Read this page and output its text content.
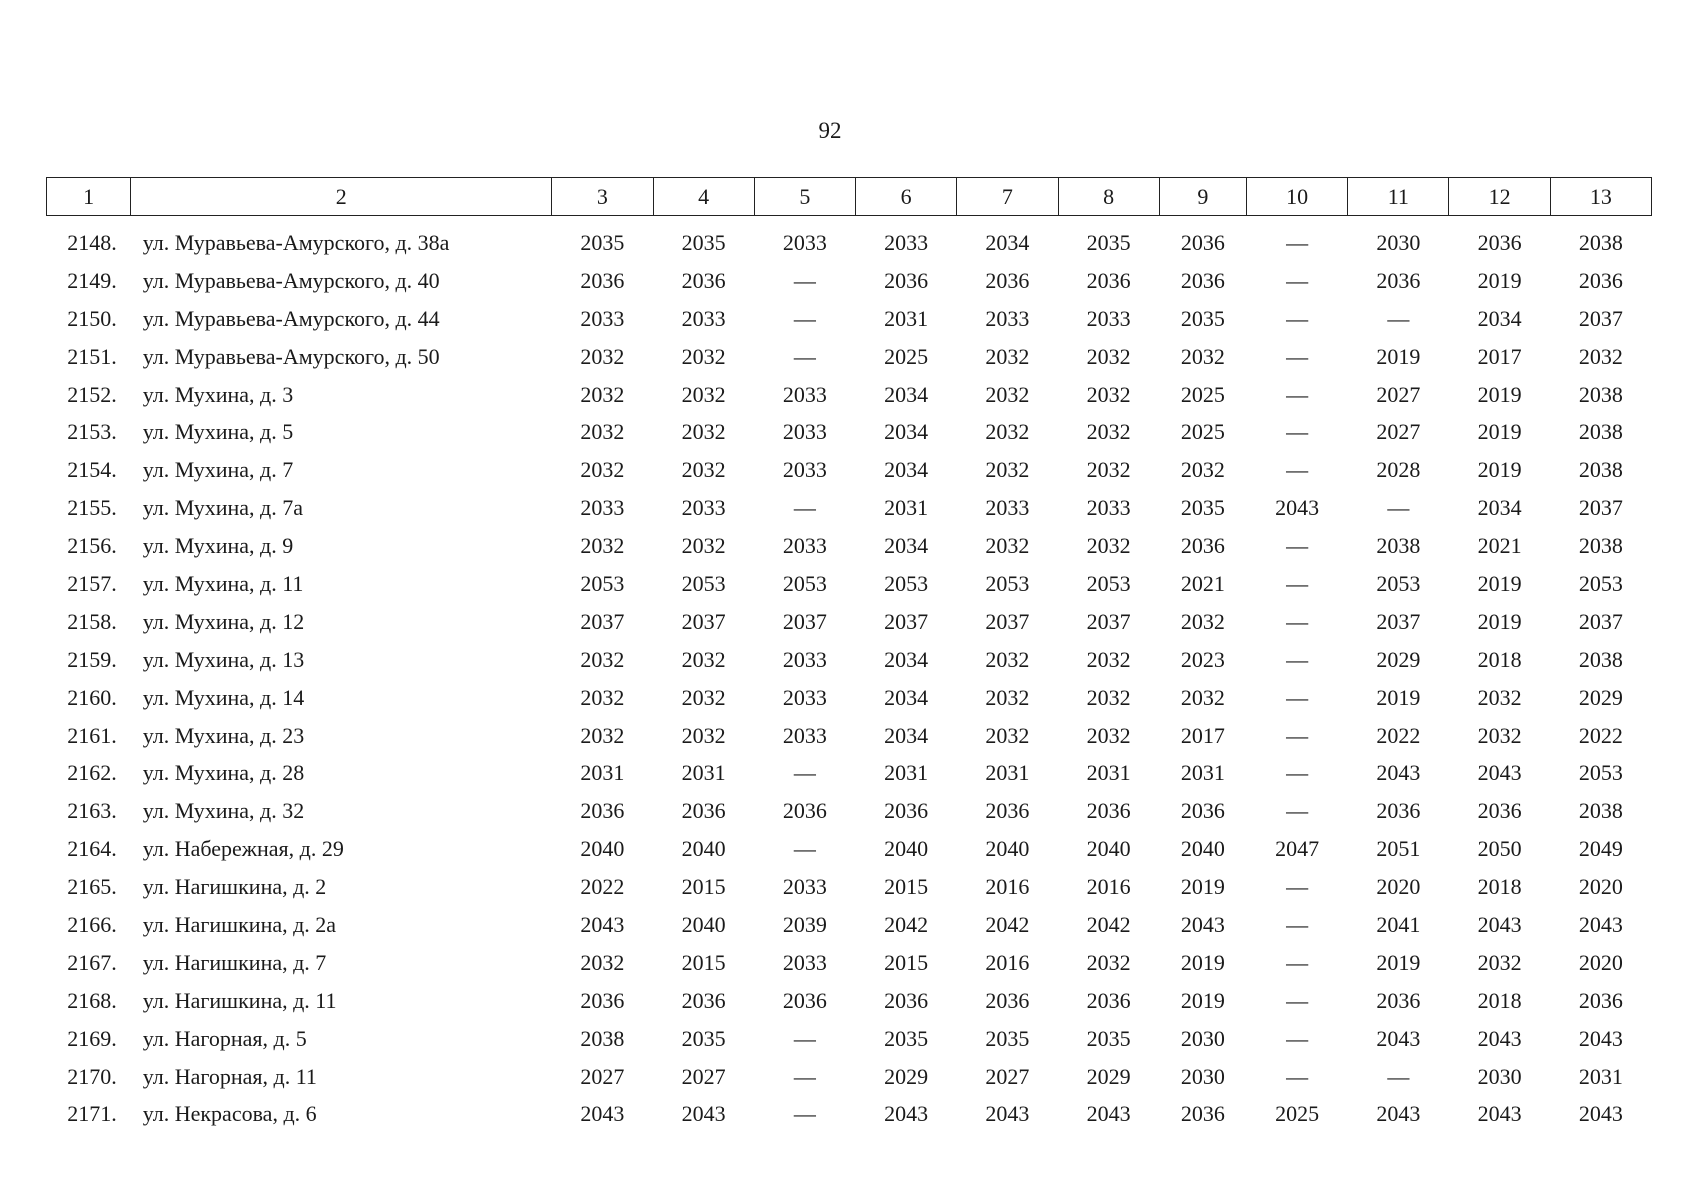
92
1	2	3	4	5	6	7	8	9	10	11	12	13
2148.	ул. Муравьева-Амурского, д. 38а	2035	2035	2033	2033	2034	2035	2036	—	2030	2036	2038
2149.	ул. Муравьева-Амурского, д. 40	2036	2036	—	2036	2036	2036	2036	—	2036	2019	2036
2150.	ул. Муравьева-Амурского, д. 44	2033	2033	—	2031	2033	2033	2035	—	—	2034	2037
2151.	ул. Муравьева-Амурского, д. 50	2032	2032	—	2025	2032	2032	2032	—	2019	2017	2032
2152.	ул. Мухина, д. 3	2032	2032	2033	2034	2032	2032	2025	—	2027	2019	2038
2153.	ул. Мухина, д. 5	2032	2032	2033	2034	2032	2032	2025	—	2027	2019	2038
2154.	ул. Мухина, д. 7	2032	2032	2033	2034	2032	2032	2032	—	2028	2019	2038
2155.	ул. Мухина, д. 7а	2033	2033	—	2031	2033	2033	2035	2043	—	2034	2037
2156.	ул. Мухина, д. 9	2032	2032	2033	2034	2032	2032	2036	—	2038	2021	2038
2157.	ул. Мухина, д. 11	2053	2053	2053	2053	2053	2053	2021	—	2053	2019	2053
2158.	ул. Мухина, д. 12	2037	2037	2037	2037	2037	2037	2032	—	2037	2019	2037
2159.	ул. Мухина, д. 13	2032	2032	2033	2034	2032	2032	2023	—	2029	2018	2038
2160.	ул. Мухина, д. 14	2032	2032	2033	2034	2032	2032	2032	—	2019	2032	2029
2161.	ул. Мухина, д. 23	2032	2032	2033	2034	2032	2032	2017	—	2022	2032	2022
2162.	ул. Мухина, д. 28	2031	2031	—	2031	2031	2031	2031	—	2043	2043	2053
2163.	ул. Мухина, д. 32	2036	2036	2036	2036	2036	2036	2036	—	2036	2036	2038
2164.	ул. Набережная, д. 29	2040	2040	—	2040	2040	2040	2040	2047	2051	2050	2049
2165.	ул. Нагишкина, д. 2	2022	2015	2033	2015	2016	2016	2019	—	2020	2018	2020
2166.	ул. Нагишкина, д. 2а	2043	2040	2039	2042	2042	2042	2043	—	2041	2043	2043
2167.	ул. Нагишкина, д. 7	2032	2015	2033	2015	2016	2032	2019	—	2019	2032	2020
2168.	ул. Нагишкина, д. 11	2036	2036	2036	2036	2036	2036	2019	—	2036	2018	2036
2169.	ул. Нагорная, д. 5	2038	2035	—	2035	2035	2035	2030	—	2043	2043	2043
2170.	ул. Нагорная, д. 11	2027	2027	—	2029	2027	2029	2030	—	—	2030	2031
2171.	ул. Некрасова, д. 6	2043	2043	—	2043	2043	2043	2036	2025	2043	2043	2043
